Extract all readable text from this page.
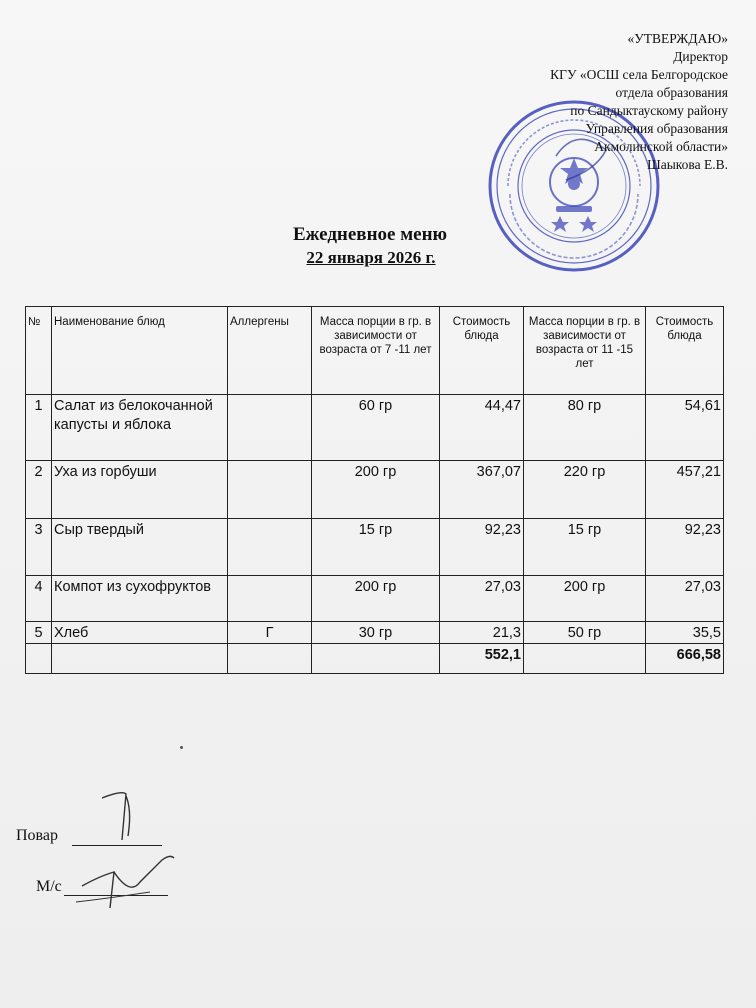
«УТВЕРЖДАЮ»
Директор
КГУ «ОСШ села Белгородское
отдела образования
по Сандыктаускому району
Управления образования
Акмолинской области»
Шаыкова Е.В.
Ежедневное меню
22 января 2026 г.
№	Наименование блюд	Аллергены	Масса порции в гр. в зависимости от возраста от 7 -11 лет	Стоимость блюда	Масса порции в гр. в зависимости от возраста от 11 -15 лет	Стоимость блюда
1	Салат из белокочанной капусты и яблока		60 гр	44,47	80 гр	54,61
2	Уха из горбуши		200 гр	367,07	220 гр	457,21
3	Сыр твердый		15 гр	92,23	15 гр	92,23
4	Компот из сухофруктов		200 гр	27,03	200 гр	27,03
5	Хлеб	Г	30 гр	21,3	50 гр	35,5
				552,1		666,58
Повар
М/с
